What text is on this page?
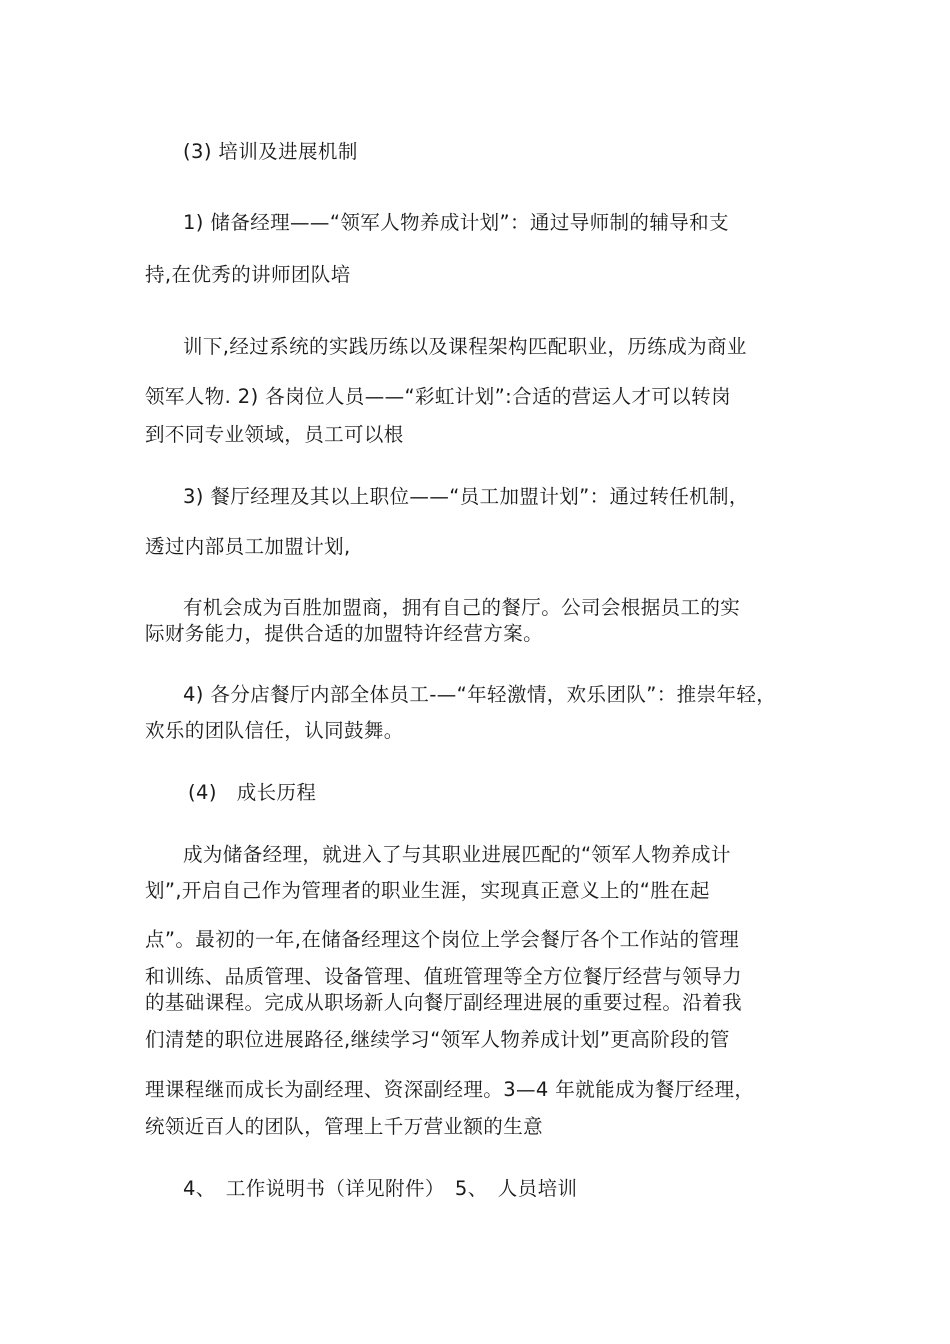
(3) 培训及进展机制
1) 储备经理——“领军人物养成计划”：通过导师制的辅导和支
持,在优秀的讲师团队培
训下,经过系统的实践历练以及课程架构匹配职业，历练成为商业
领军人物. 2) 各岗位人员——“彩虹计划”:合适的营运人才可以转岗
到不同专业领域，员工可以根
3) 餐厅经理及其以上职位——“员工加盟计划”：通过转任机制，
透过内部员工加盟计划,
有机会成为百胜加盟商，拥有自己的餐厅。公司会根据员工的实
际财务能力，提供合适的加盟特许经营方案。
4) 各分店餐厅内部全体员工-—“年轻激情，欢乐团队”：推崇年轻，
欢乐的团队信任，认同鼓舞。
(4)　成长历程
成为储备经理，就进入了与其职业进展匹配的“领军人物养成计
划”,开启自己作为管理者的职业生涯，实现真正意义上的“胜在起
点”。最初的一年,在储备经理这个岗位上学会餐厅各个工作站的管理
和训练、品质管理、设备管理、值班管理等全方位餐厅经营与领导力
的基础课程。完成从职场新人向餐厅副经理进展的重要过程。沿着我
们清楚的职位进展路径,继续学习“领军人物养成计划”更高阶段的管
理课程继而成长为副经理、资深副经理。3—4 年就能成为餐厅经理，
统领近百人的团队，管理上千万营业额的生意
4、　工作说明书（详见附件）　5、　人员培训
